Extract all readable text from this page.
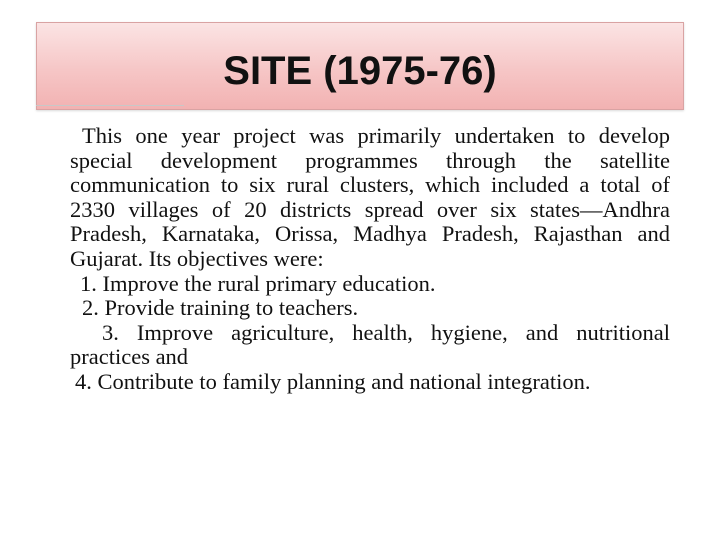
SITE (1975-76)

This one year project was primarily undertaken to develop special development programmes through the satellite communication to six rural clusters, which included a total of 2330 villages of 20 districts spread over six states—Andhra Pradesh, Karnataka, Orissa, Madhya Pradesh, Rajasthan and Gujarat. Its objectives were:

1. Improve the rural primary education.

2. Provide training to teachers.

3. Improve agriculture, health, hygiene, and nutritional practices and

4. Contribute to family planning and national integration.
